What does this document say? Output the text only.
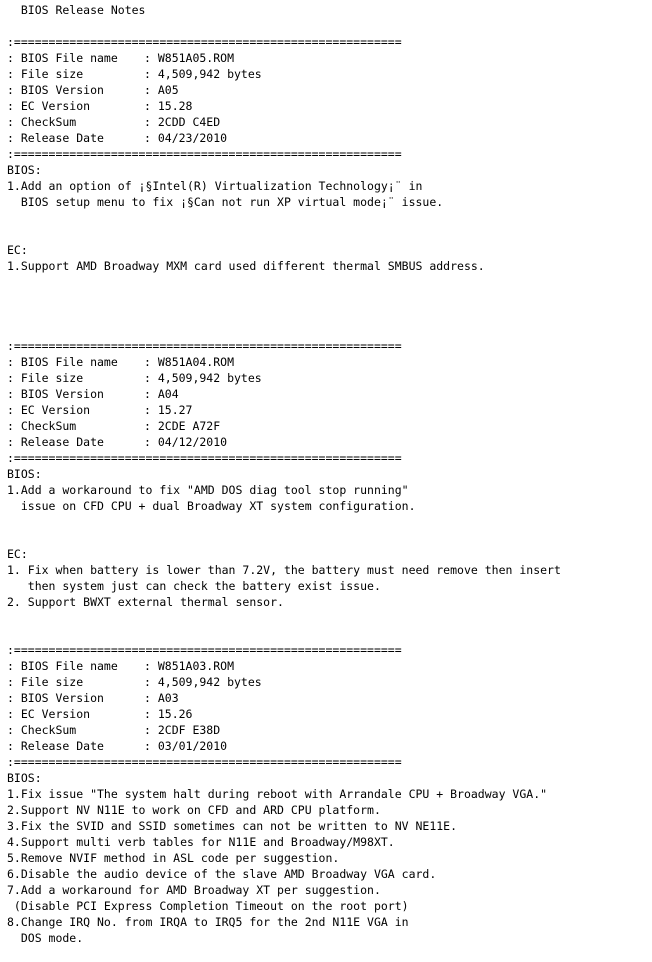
BIOS Release Notes
:========================================================
: BIOS File name : W851A05.ROM
: File size	: 4,509,942 bytes
: BIOS Version	: A05
: EC Version	: 15.28
: CheckSum	: 2CDD C4ED
: Release Date	: 04/23/2010
:========================================================
BIOS:
1.Add an option of ¡§Intel(R) Virtualization Technology¡¨ in
BIOS setup menu to fix ¡§Can not run XP virtual mode¡¨ issue.
EC:
1.Support AMD Broadway MXM card used different thermal SMBUS address.
:========================================================
: BIOS File name : W851A04.ROM
: File size	: 4,509,942 bytes
: BIOS Version	: A04
: EC Version	: 15.27
: CheckSum	: 2CDE A72F
: Release Date	: 04/12/2010
:========================================================
BIOS:
1.Add a workaround to fix "AMD DOS diag tool stop running"
issue on CFD CPU + dual Broadway XT system configuration.
EC:
1. Fix when battery is lower than 7.2V, the battery must need remove then insert
then system just can check the battery exist issue.
2. Support BWXT external thermal sensor.
:========================================================
: BIOS File name : W851A03.ROM
: File size	: 4,509,942 bytes
: BIOS Version	: A03
: EC Version	: 15.26
: CheckSum	: 2CDF E38D
: Release Date	: 03/01/2010
:========================================================
BIOS:
1.Fix issue "The system halt during reboot with Arrandale CPU + Broadway VGA."
2.Support NV N11E to work on CFD and ARD CPU platform.
3.Fix the SVID and SSID sometimes can not be written to NV NE11E.
4.Support multi verb tables for N11E and Broadway/M98XT.
5.Remove NVIF method in ASL code per suggestion.
6.Disable the audio device of the slave AMD Broadway VGA card.
7.Add a workaround for AMD Broadway XT per suggestion.
(Disable PCI Express Completion Timeout on the root port)
8.Change IRQ No. from IRQA to IRQ5 for the 2nd N11E VGA in
DOS mode.
